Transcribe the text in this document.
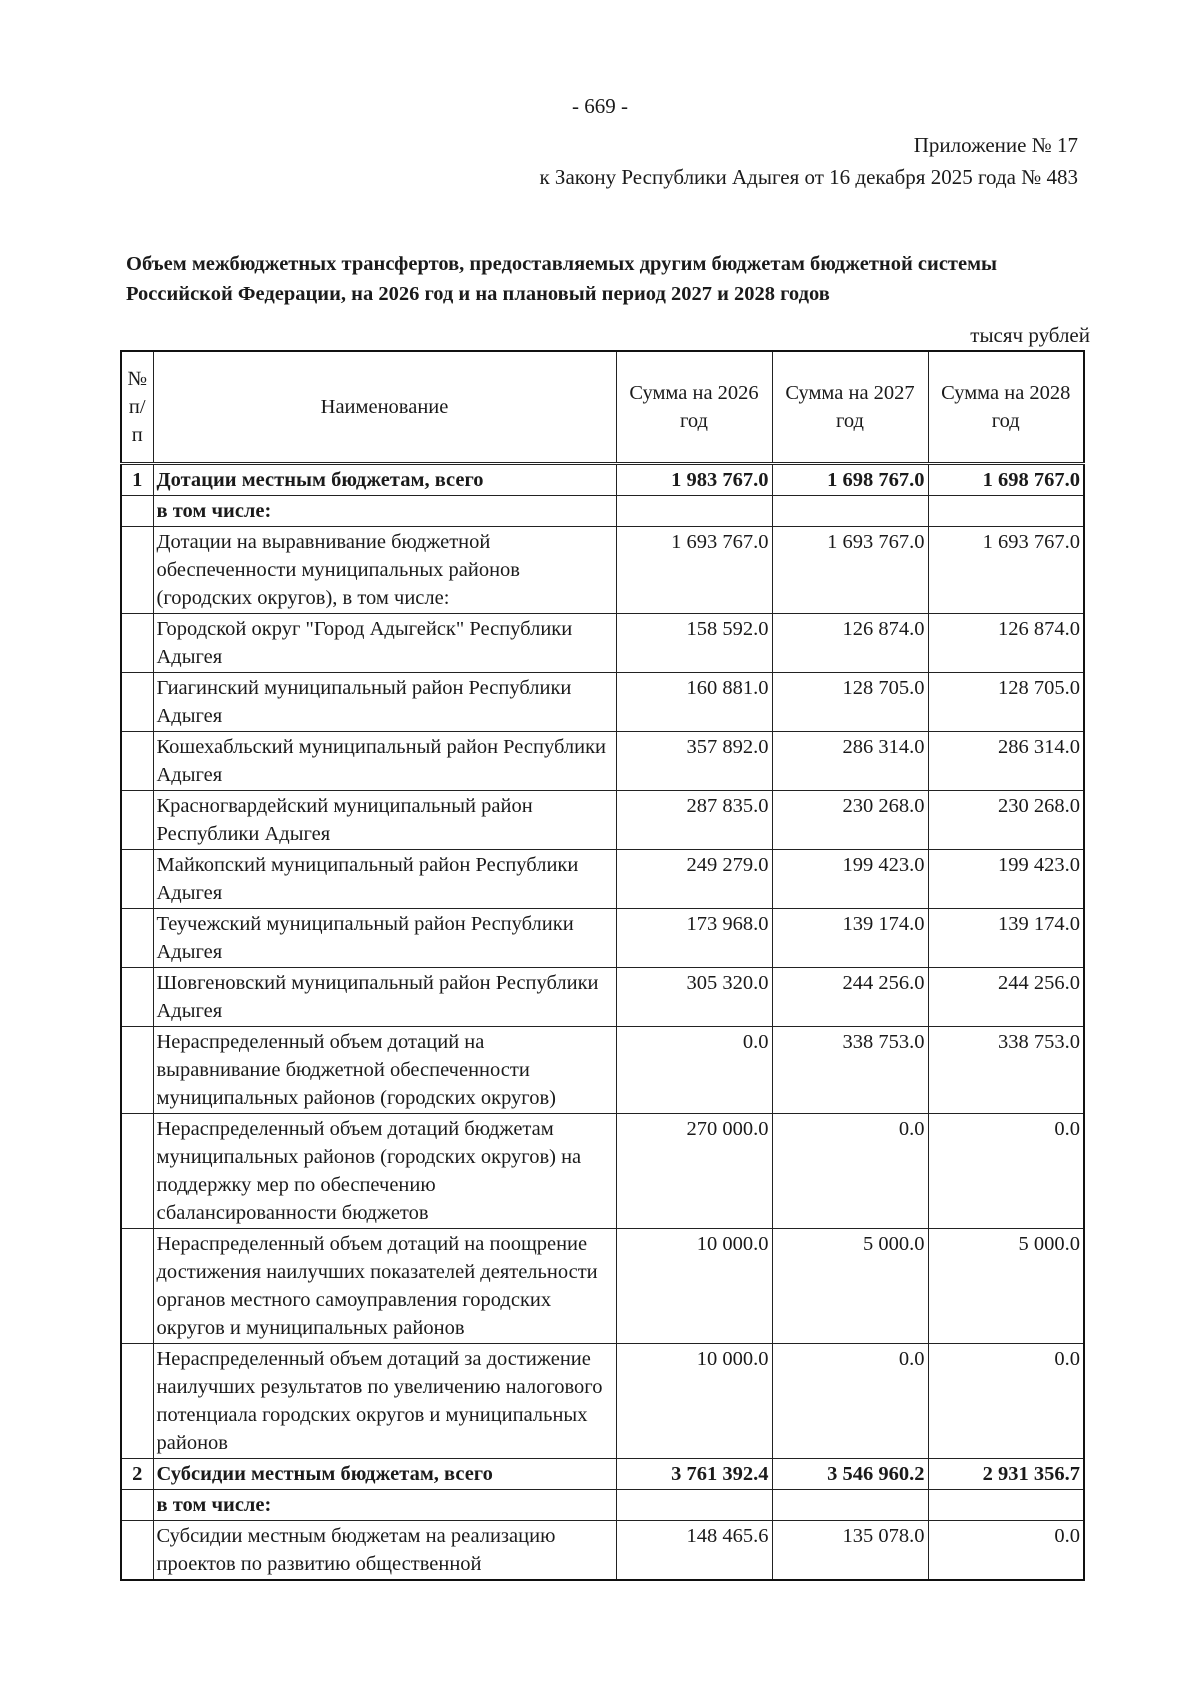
- 669 -
Приложение № 17
к Закону Республики Адыгея от 16 декабря 2025 года № 483
Объем межбюджетных трансфертов, предоставляемых другим бюджетам бюджетной системы Российской Федерации, на 2026 год и на плановый период 2027 и 2028 годов
тысяч рублей
№ п/п	Наименование	Сумма на 2026 год	Сумма на 2027 год	Сумма на 2028 год
1	Дотации местным бюджетам, всего	1 983 767.0	1 698 767.0	1 698 767.0
	в том числе:			
	Дотации на выравнивание бюджетной обеспеченности муниципальных районов (городских округов), в том числе:	1 693 767.0	1 693 767.0	1 693 767.0
	Городской округ "Город Адыгейск" Республики Адыгея	158 592.0	126 874.0	126 874.0
	Гиагинский муниципальный район Республики Адыгея	160 881.0	128 705.0	128 705.0
	Кошехабльский муниципальный район Республики Адыгея	357 892.0	286 314.0	286 314.0
	Красногвардейский муниципальный район Республики Адыгея	287 835.0	230 268.0	230 268.0
	Майкопский муниципальный район Республики Адыгея	249 279.0	199 423.0	199 423.0
	Теучежский муниципальный район Республики Адыгея	173 968.0	139 174.0	139 174.0
	Шовгеновский муниципальный район Республики Адыгея	305 320.0	244 256.0	244 256.0
	Нераспределенный объем дотаций на выравнивание бюджетной обеспеченности муниципальных районов (городских округов)	0.0	338 753.0	338 753.0
	Нераспределенный объем дотаций бюджетам муниципальных районов (городских округов) на поддержку мер по обеспечению сбалансированности бюджетов	270 000.0	0.0	0.0
	Нераспределенный объем дотаций на поощрение достижения наилучших показателей деятельности органов местного самоуправления городских округов и муниципальных районов	10 000.0	5 000.0	5 000.0
	Нераспределенный объем дотаций за достижение наилучших результатов по увеличению налогового потенциала городских округов и муниципальных районов	10 000.0	0.0	0.0
2	Субсидии местным бюджетам, всего	3 761 392.4	3 546 960.2	2 931 356.7
	в том числе:			
	Субсидии местным бюджетам на реализацию проектов по развитию общественной	148 465.6	135 078.0	0.0
